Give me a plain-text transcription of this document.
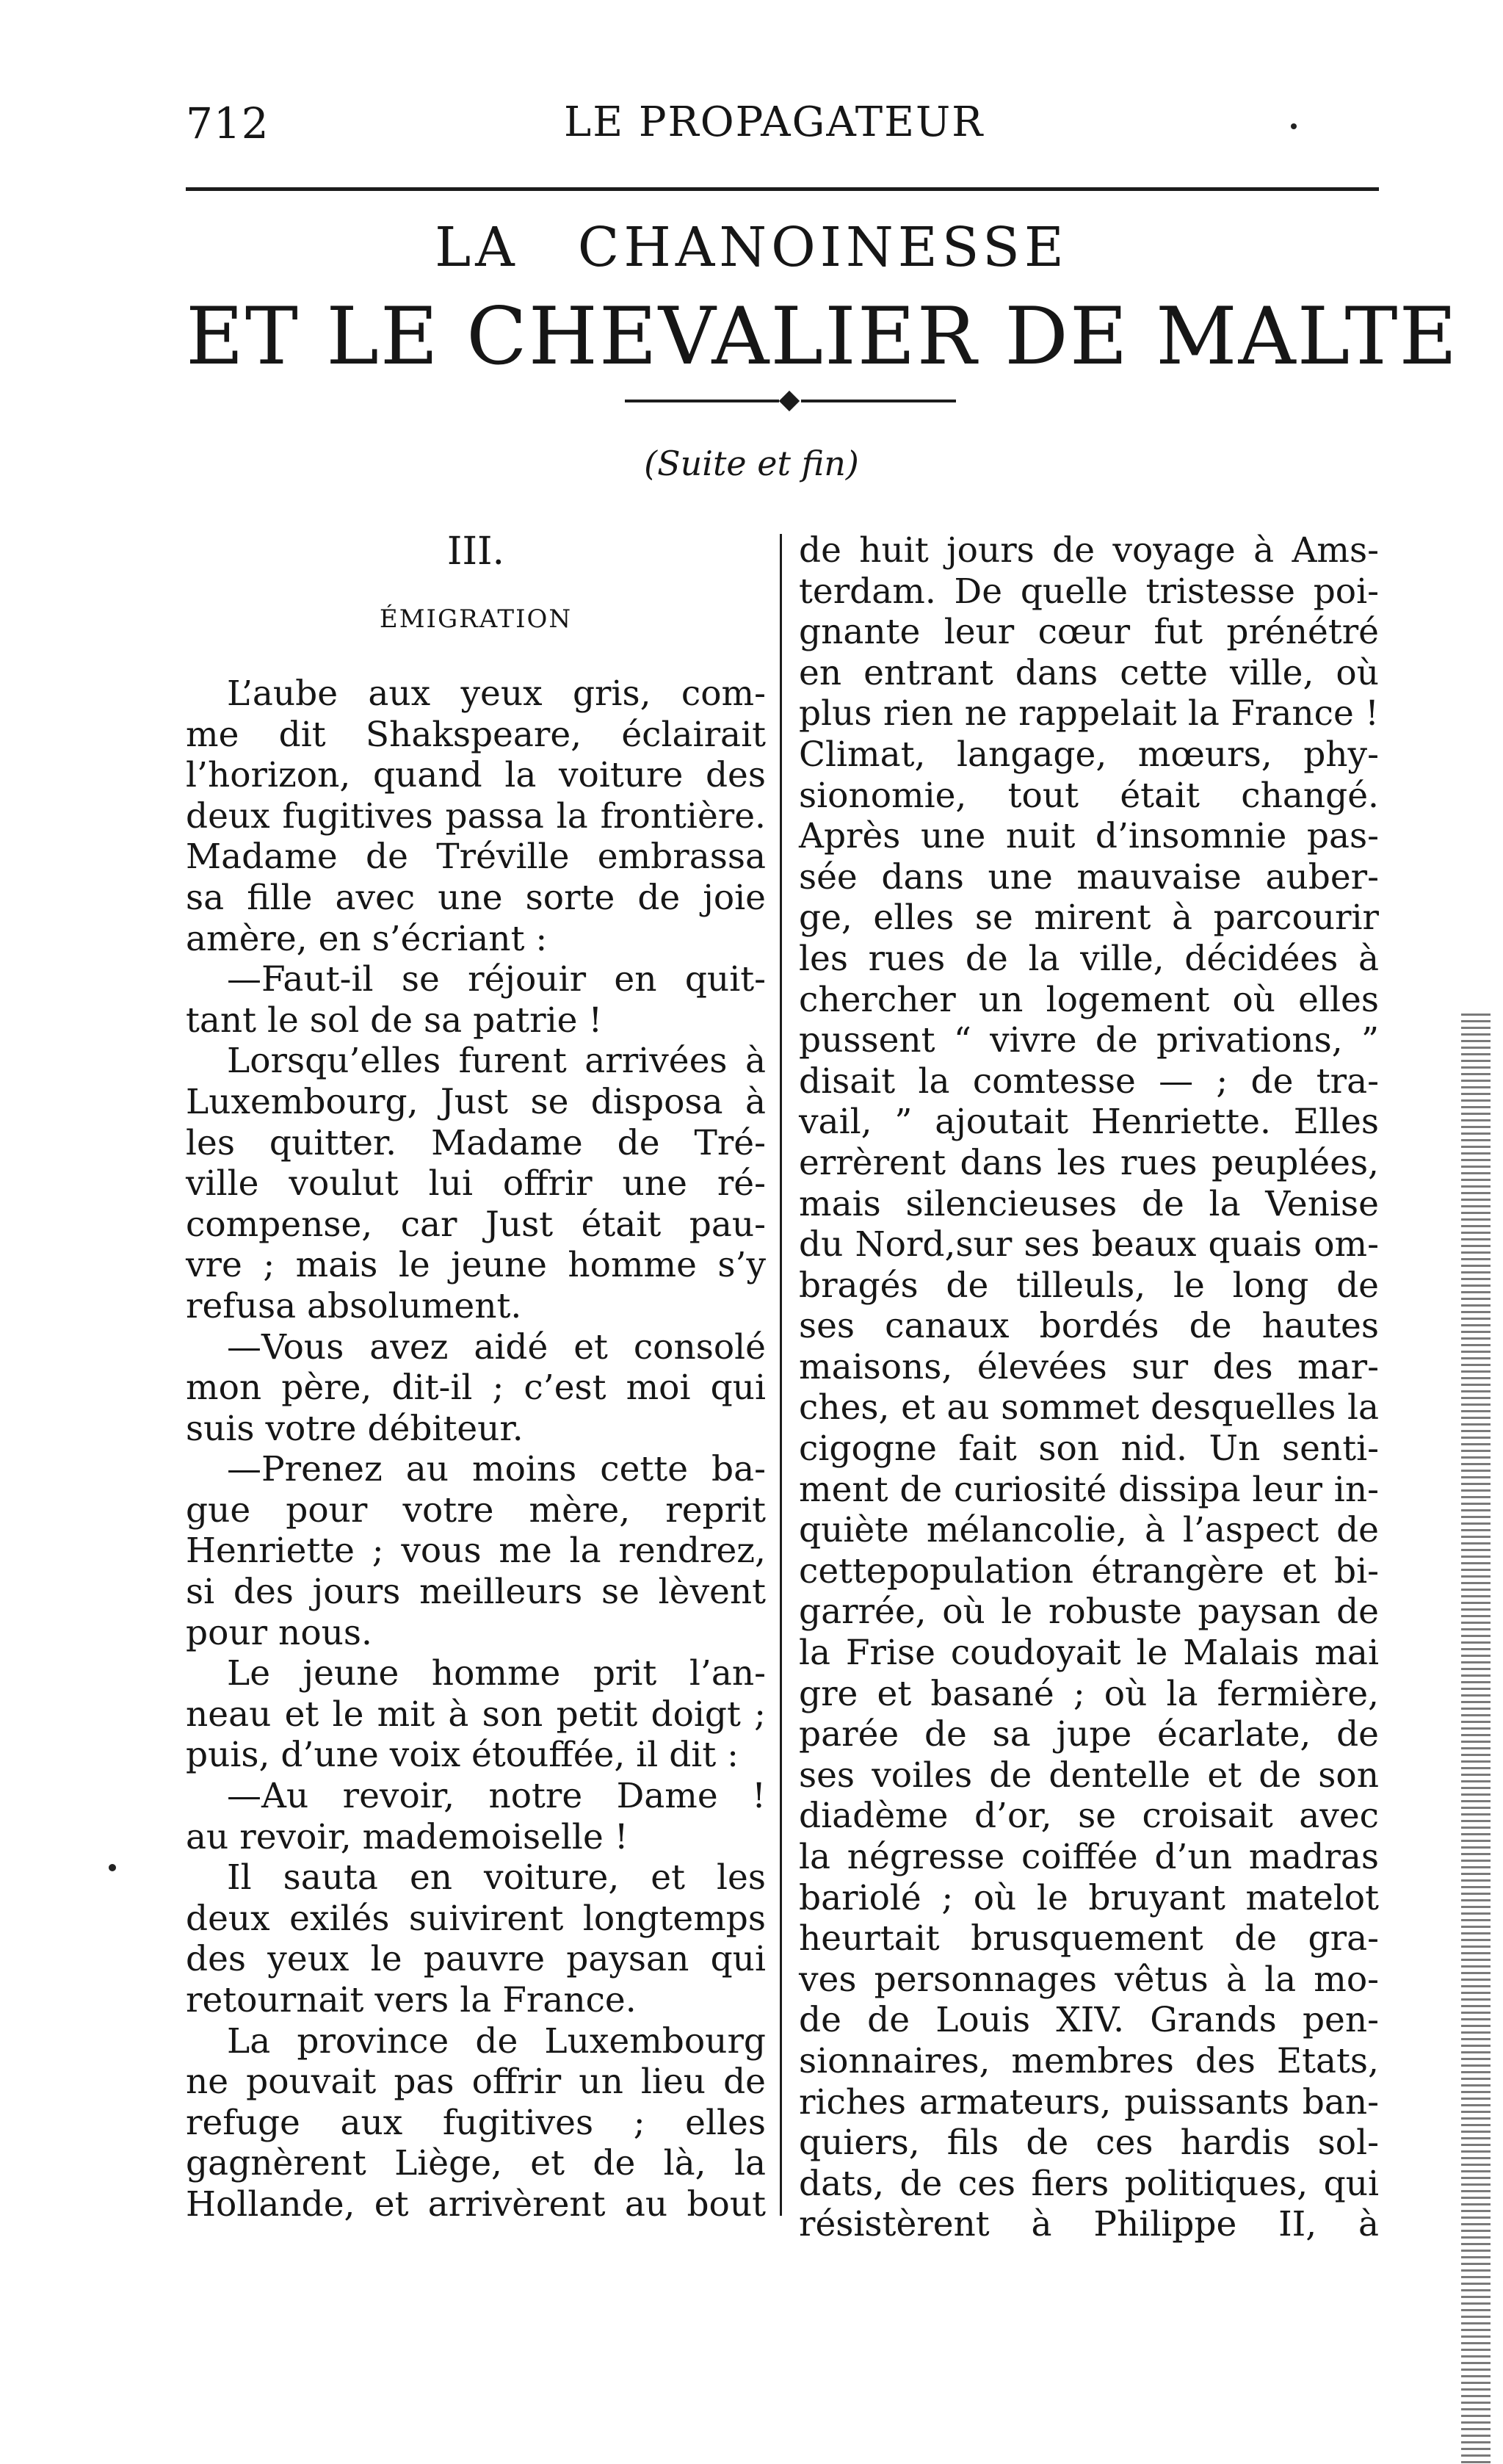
712	LE PROPAGATEUR
LA CHANOINESSE
ET LE CHEVALIER DE MALTE
(Suite et fin)
III.
ÉMIGRATION
L’aube aux yeux gris, com-
me dit Shakspeare, éclairait
l’horizon, quand la voiture des
deux fugitives passa la frontière.
Madame de Tréville embrassa
sa fille avec une sorte de joie
amère, en s’écriant :
—Faut-il se réjouir en quit-
tant le sol de sa patrie !
Lorsqu’elles furent arrivées à
Luxembourg, Just se disposa à
les quitter. Madame de Tré-
ville voulut lui offrir une ré-
compense, car Just était pau-
vre ; mais le jeune homme s’y
refusa absolument.
—Vous avez aidé et consolé
mon père, dit-il ; c’est moi qui
suis votre débiteur.
—Prenez au moins cette ba-
gue pour votre mère, reprit
Henriette ; vous me la rendrez,
si des jours meilleurs se lèvent
pour nous.
Le jeune homme prit l’an-
neau et le mit à son petit doigt ;
puis, d’une voix étouffée, il dit :
—Au revoir, notre Dame !
au revoir, mademoiselle !
Il sauta en voiture, et les
deux exilés suivirent longtemps
des yeux le pauvre paysan qui
retournait vers la France.
La province de Luxembourg
ne pouvait pas offrir un lieu de
refuge aux fugitives ; elles
gagnèrent Liège, et de là, la
Hollande, et arrivèrent au bout
de huit jours de voyage à Ams-
terdam. De quelle tristesse poi-
gnante leur cœur fut prénétré
en entrant dans cette ville, où
plus rien ne rappelait la France !
Climat, langage, mœurs, phy-
sionomie, tout était changé.
Après une nuit d’insomnie pas-
sée dans une mauvaise auber-
ge, elles se mirent à parcourir
les rues de la ville, décidées à
chercher un logement où elles
pussent “ vivre de privations, ”
disait la comtesse — ; de tra-
vail, ” ajoutait Henriette. Elles
errèrent dans les rues peuplées,
mais silencieuses de la Venise
du Nord,sur ses beaux quais om-
bragés de tilleuls, le long de
ses canaux bordés de hautes
maisons, élevées sur des mar-
ches, et au sommet desquelles la
cigogne fait son nid. Un senti-
ment de curiosité dissipa leur in-
quiète mélancolie, à l’aspect de
cettepopulation étrangère et bi-
garrée, où le robuste paysan de
la Frise coudoyait le Malais mai
gre et basané ; où la fermière,
parée de sa jupe écarlate, de
ses voiles de dentelle et de son
diadème d’or, se croisait avec
la négresse coiffée d’un madras
bariolé ; où le bruyant matelot
heurtait brusquement de gra-
ves personnages vêtus à la mo-
de de Louis XIV. Grands pen-
sionnaires, membres des Etats,
riches armateurs, puissants ban-
quiers, fils de ces hardis sol-
dats, de ces fiers politiques, qui
résistèrent à Philippe II, à
